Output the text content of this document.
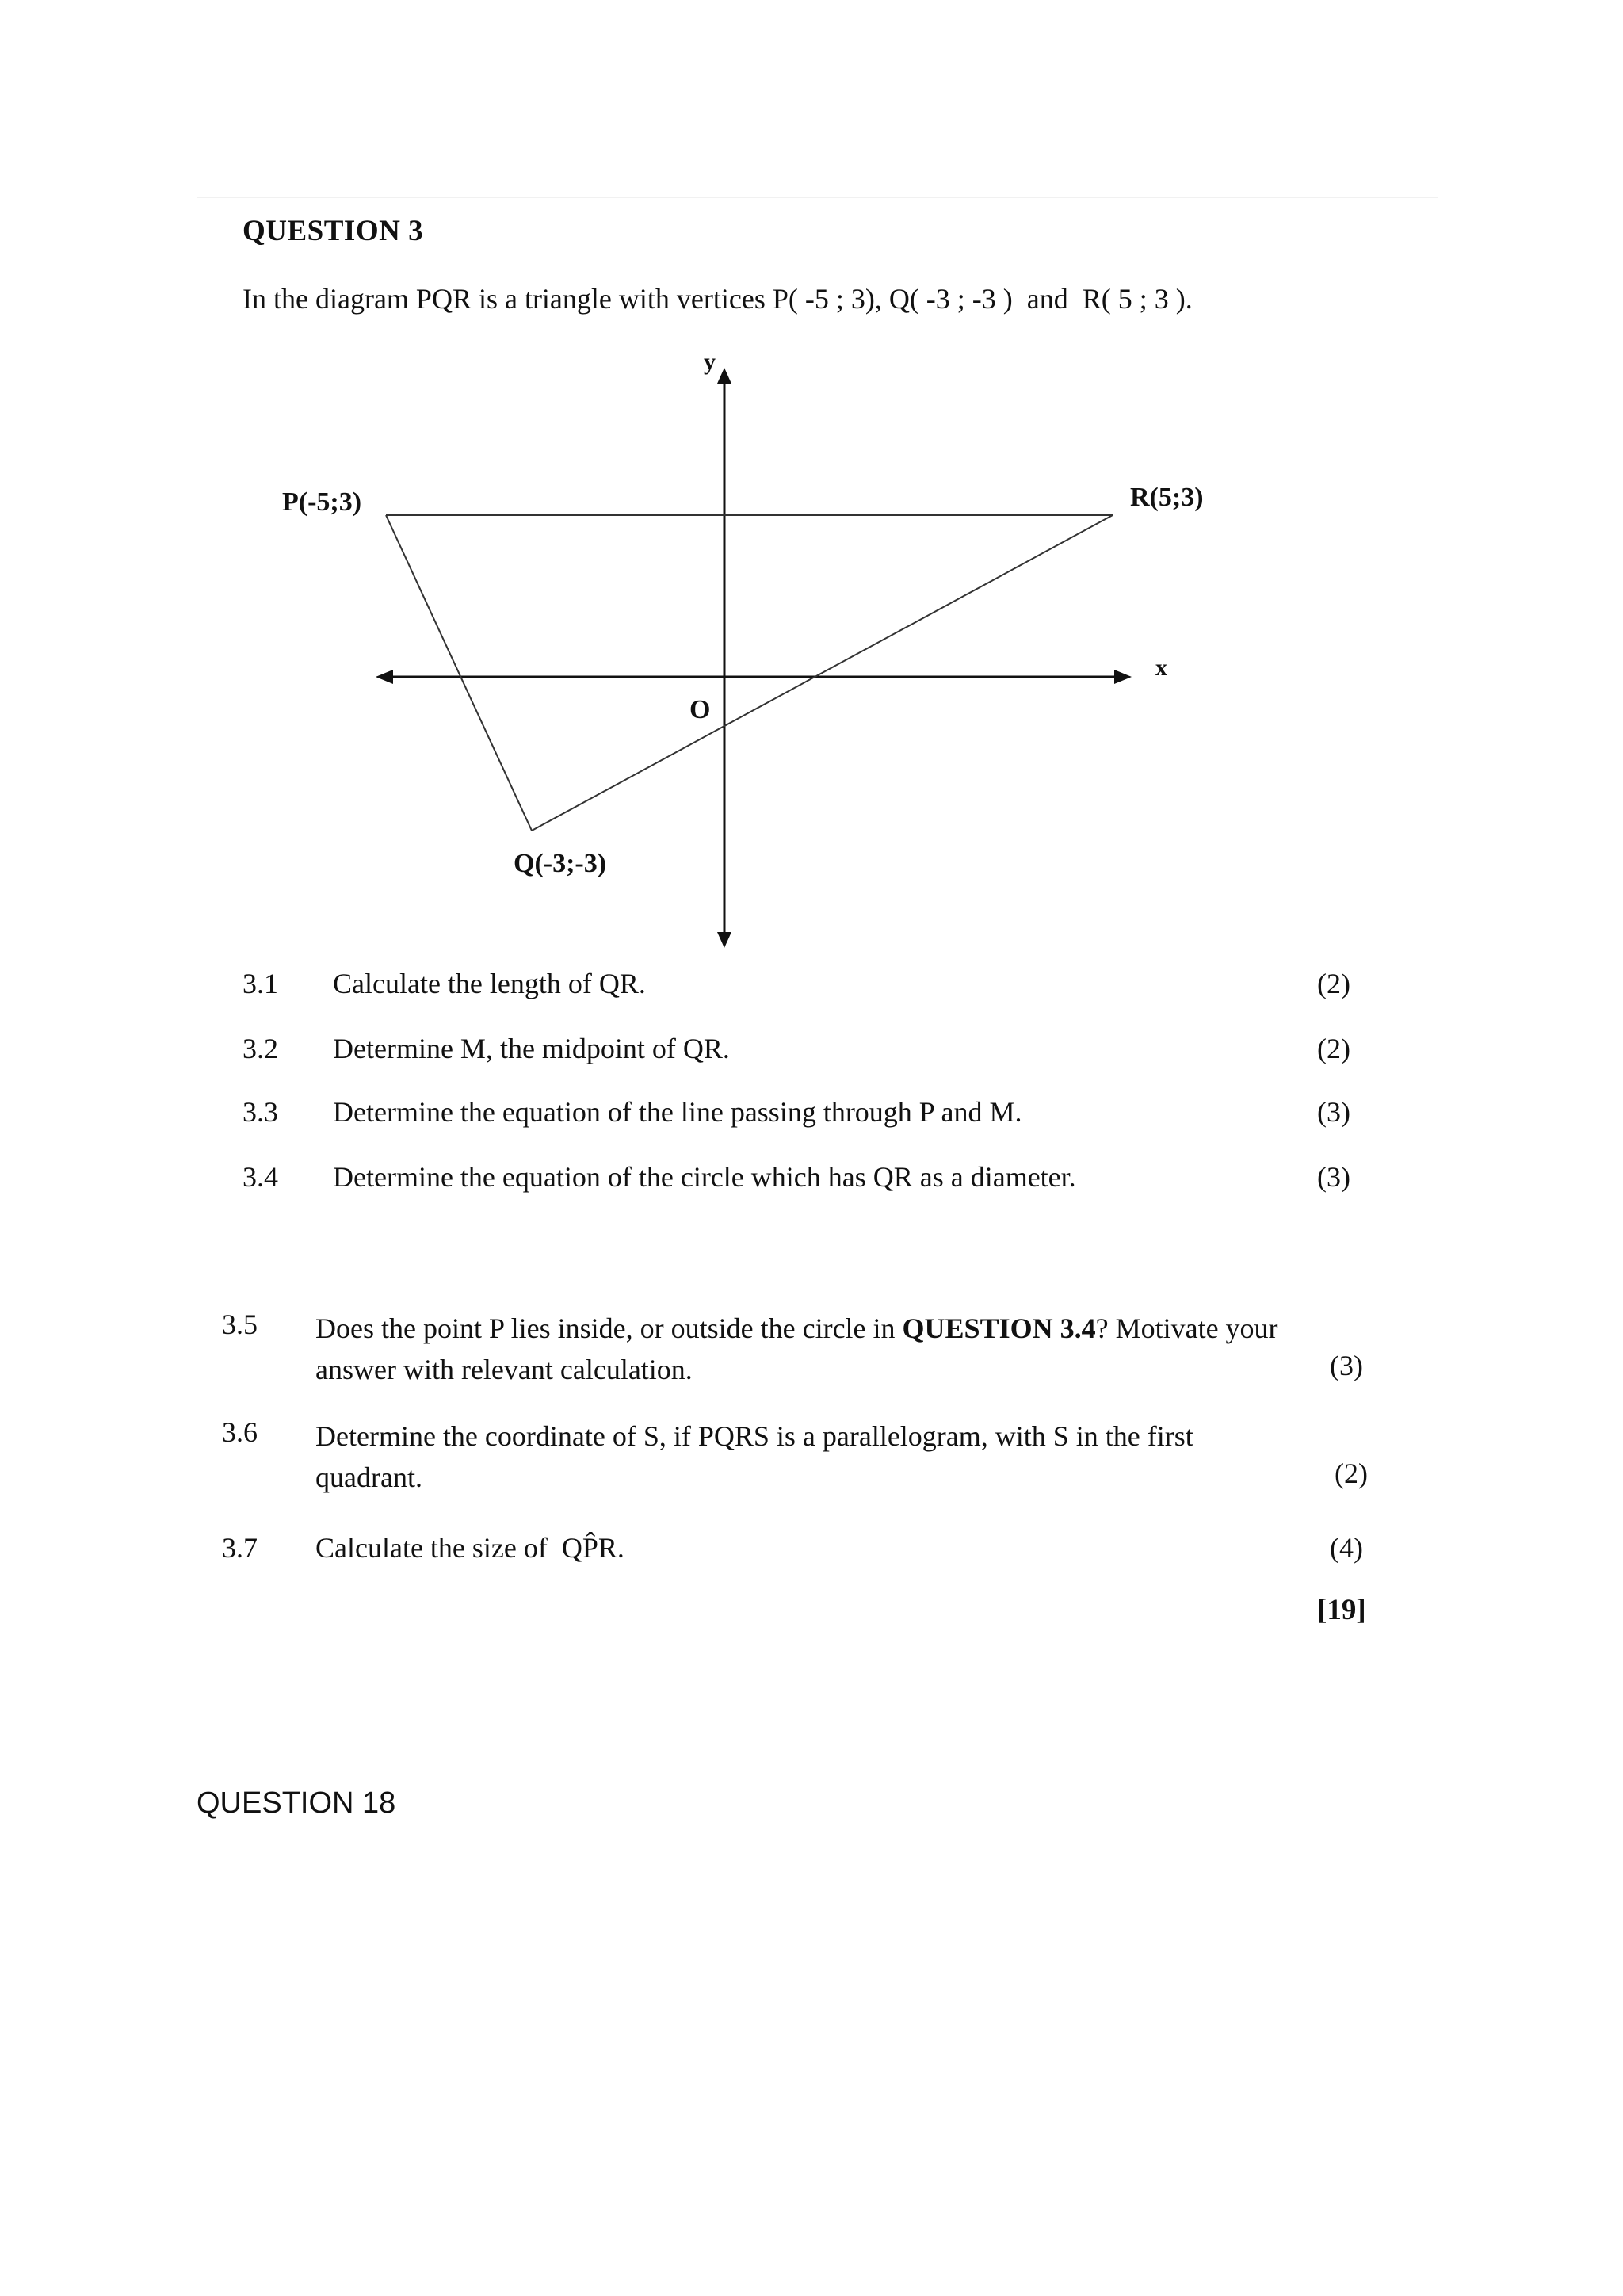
QUESTION 3
In the diagram PQR is a triangle with vertices P( -5 ; 3), Q( -3 ; -3 )  and  R( 5 ; 3 ).
P(-5;3)	R(5;3)
Q(-3;-3)
O
x
y
3.1 Calculate the length of QR.	(2)
3.2 Determine M, the midpoint of QR.	(2)
3.3 Determine the equation of the line passing through P and M.	(3)
3.4 Determine the equation of the circle which has QR as a diameter.	(3)
3.5 Does the point P lies inside, or outside the circle in QUESTION 3.4? Motivate your
answer with relevant calculation.	(3)
3.6 Determine the coordinate of S, if PQRS is a parallelogram, with S in the first
quadrant.	(2)
3.7 Calculate the size of  QP̂R.	(4)
[19]
QUESTION 18
